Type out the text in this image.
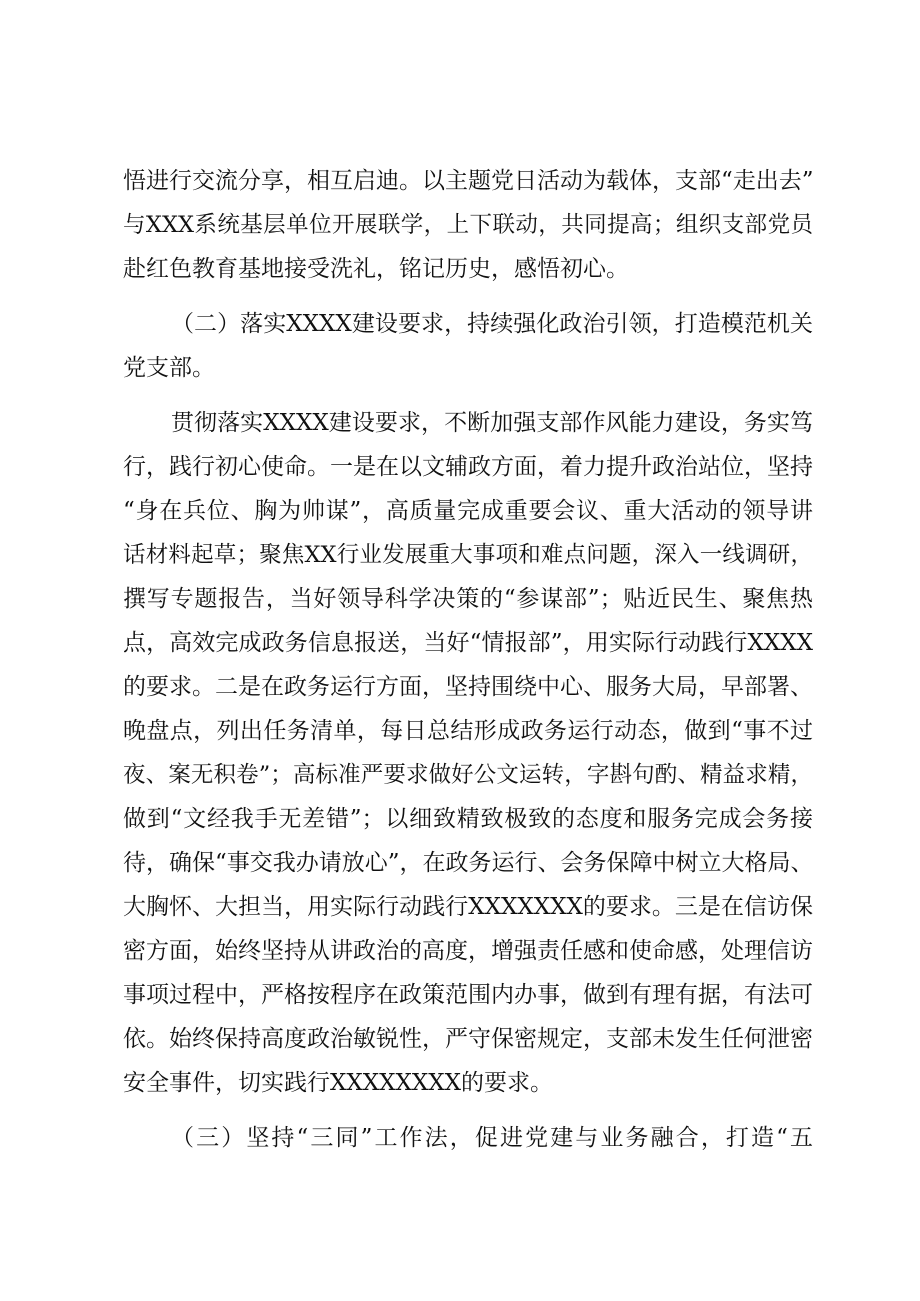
悟进行交流分享，相互启迪。以主题党日活动为载体，支部“走出去”
与XXX系统基层单位开展联学，上下联动，共同提高；组织支部党员
赴红色教育基地接受洗礼，铭记历史，感悟初心。
（二）落实XXXX建设要求，持续强化政治引领，打造模范机关
党支部。
贯彻落实XXXX建设要求，不断加强支部作风能力建设，务实笃
行，践行初心使命。一是在以文辅政方面，着力提升政治站位，坚持
“身在兵位、胸为帅谋”，高质量完成重要会议、重大活动的领导讲
话材料起草；聚焦XX行业发展重大事项和难点问题，深入一线调研，
撰写专题报告，当好领导科学决策的“参谋部”；贴近民生、聚焦热
点，高效完成政务信息报送，当好“情报部”，用实际行动践行XXXX
的要求。二是在政务运行方面，坚持围绕中心、服务大局，早部署、
晚盘点，列出任务清单，每日总结形成政务运行动态，做到“事不过
夜、案无积卷”；高标准严要求做好公文运转，字斟句酌、精益求精，
做到“文经我手无差错”；以细致精致极致的态度和服务完成会务接
待，确保“事交我办请放心”，在政务运行、会务保障中树立大格局、
大胸怀、大担当，用实际行动践行XXXXXXX的要求。三是在信访保
密方面，始终坚持从讲政治的高度，增强责任感和使命感，处理信访
事项过程中，严格按程序在政策范围内办事，做到有理有据，有法可
依。始终保持高度政治敏锐性，严守保密规定，支部未发生任何泄密
安全事件，切实践行XXXXXXXX的要求。
（三）坚持“三同”工作法，促进党建与业务融合，打造“五
